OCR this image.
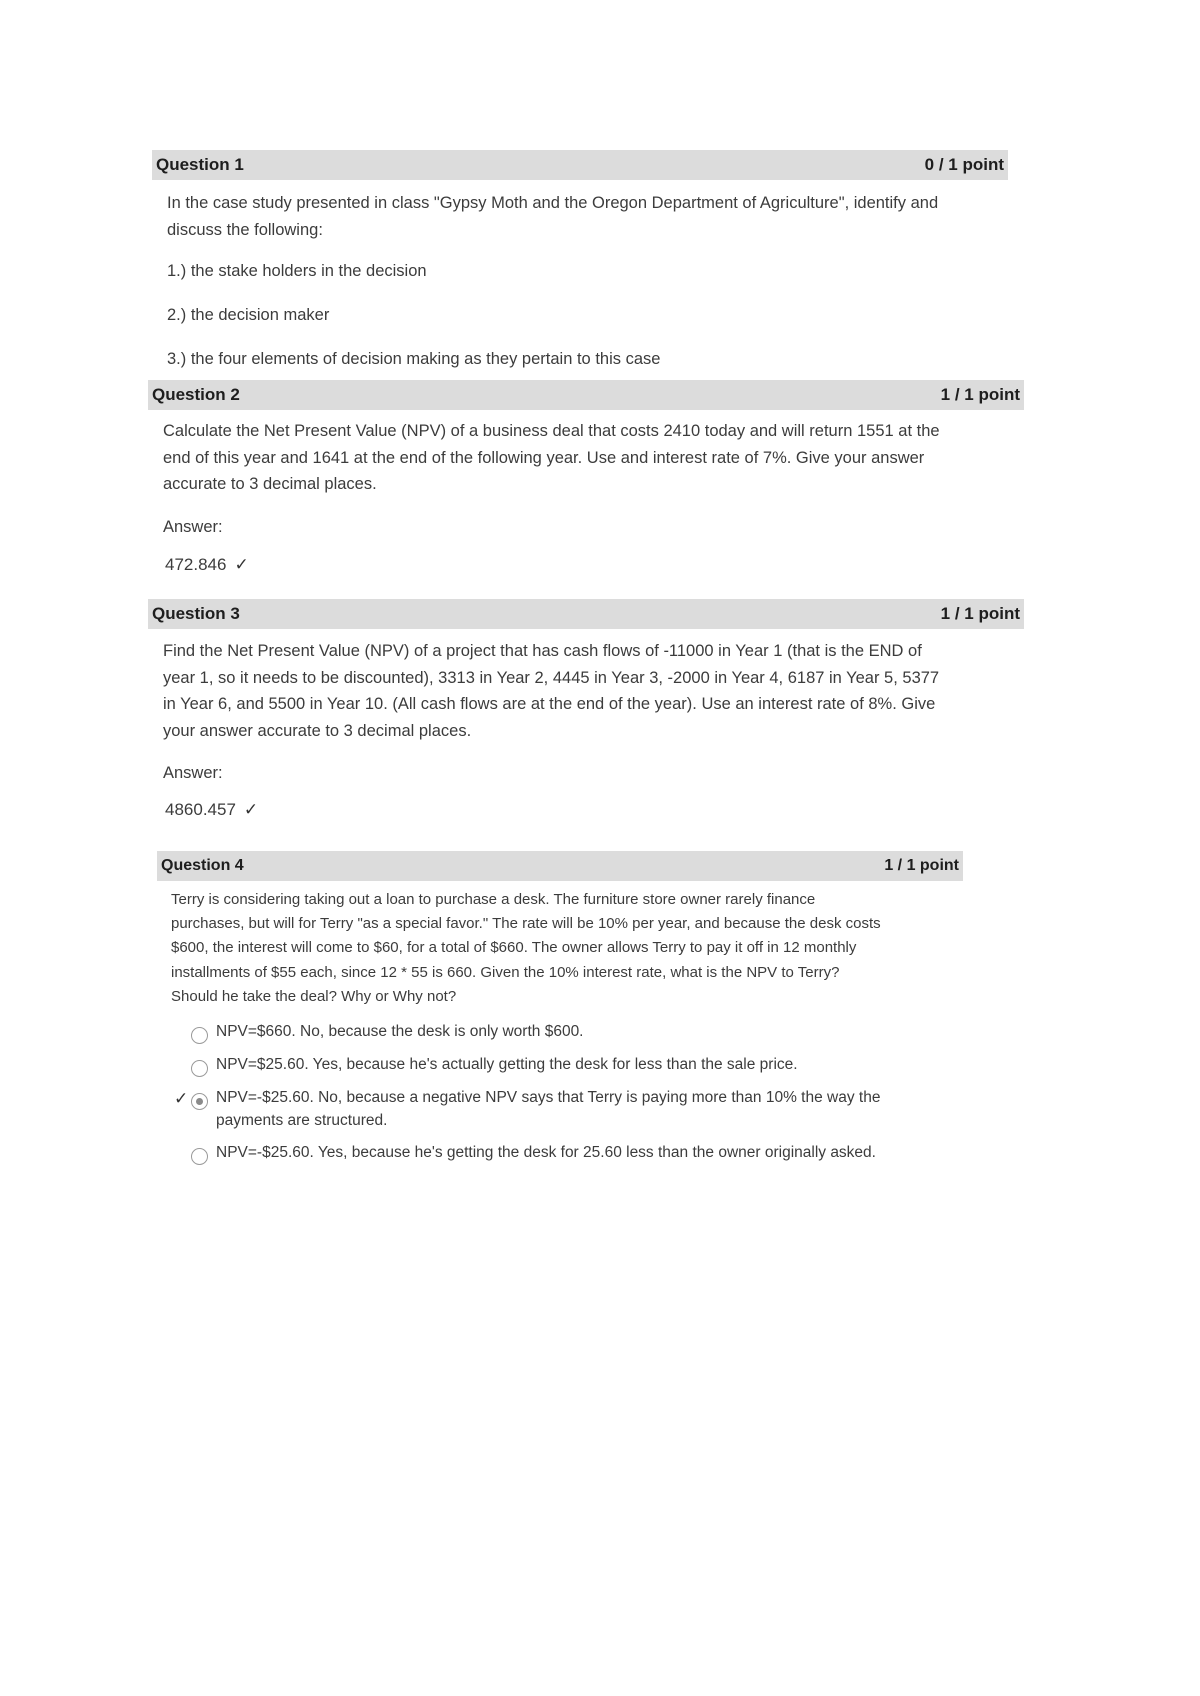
Question 1	0 / 1 point

In the case study presented in class "Gypsy Moth and the Oregon Department of Agriculture", identify and

discuss the following:

1.) the stake holders in the decision

2.) the decision maker

3.) the four elements of decision making as they pertain to this case

Question 2	1 / 1 point

Calculate the Net Present Value (NPV) of a business deal that costs 2410 today and will return 1551 at the

end of this year and 1641 at the end of the following year. Use and interest rate of 7%. Give your answer

accurate to 3 decimal places.

Answer:

472.846 ✓
Question 3	1 / 1 point

Find the Net Present Value (NPV) of a project that has cash flows of -11000 in Year 1 (that is the END of

year 1, so it needs to be discounted), 3313 in Year 2, 4445 in Year 3, -2000 in Year 4, 6187 in Year 5, 5377

in Year 6, and 5500 in Year 10. (All cash flows are at the end of the year). Use an interest rate of 8%. Give

your answer accurate to 3 decimal places.

Answer:

4860.457 ✓
Question 4	1 / 1 point

Terry is considering taking out a loan to purchase a desk. The furniture store owner rarely finance

purchases, but will for Terry "as a special favor." The rate will be 10% per year, and because the desk costs

$600, the interest will come to $60, for a total of $660. The owner allows Terry to pay it off in 12 monthly

installments of $55 each, since 12 * 55 is 660. Given the 10% interest rate, what is the NPV to Terry?

Should he take the deal? Why or Why not?

NPV=$660. No, because the desk is only worth $600.
NPV=$25.60. Yes, because he's actually getting the desk for less than the sale price.
✓ NPV=-$25.60. No, because a negative NPV says that Terry is paying more than 10% the way the
payments are structured.
NPV=-$25.60. Yes, because he's getting the desk for 25.60 less than the owner originally asked.
